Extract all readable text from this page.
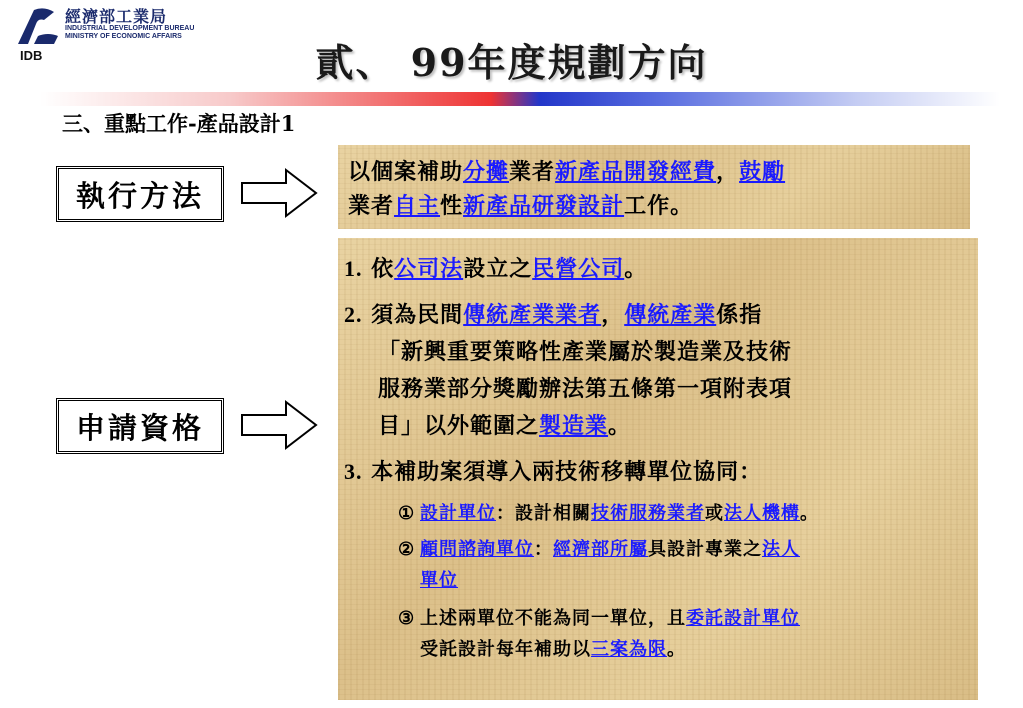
經濟部工業局
INDUSTRIAL DEVELOPMENT BUREAU
MINISTRY OF ECONOMIC AFFAIRS
IDB	貳、 99年度規劃方向
三、重點工作-產品設計1
執行方法
申請資格
以個案補助分攤業者新產品開發經費，鼓勵
業者自主性新產品研發設計工作。
1. 依公司法設立之民營公司。
2. 須為民間傳統產業業者，傳統產業係指
「新興重要策略性產業屬於製造業及技術
服務業部分獎勵辦法第五條第一項附表項
目」以外範圍之製造業。
3. 本補助案須導入兩技術移轉單位協同：
① 設計單位：設計相關技術服務業者或法人機構。
② 顧問諮詢單位：經濟部所屬具設計專業之法人
單位
③ 上述兩單位不能為同一單位，且委託設計單位
受託設計每年補助以三案為限。
